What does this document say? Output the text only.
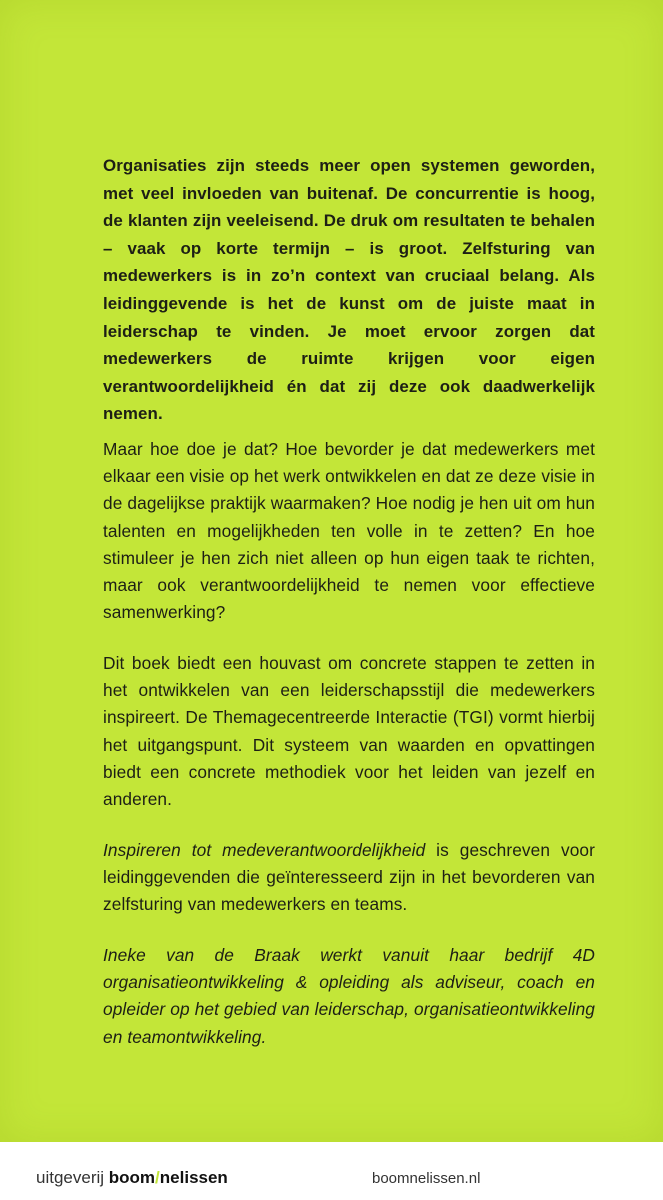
Organisaties zijn steeds meer open systemen geworden, met veel invloeden van buitenaf. De concurrentie is hoog, de klanten zijn veeleisend. De druk om resultaten te behalen – vaak op korte termijn – is groot. Zelfsturing van medewerkers is in zo’n context van cruciaal belang. Als leidinggevende is het de kunst om de juiste maat in leiderschap te vinden. Je moet ervoor zorgen dat medewerkers de ruimte krijgen voor eigen verantwoordelijkheid én dat zij deze ook daadwerkelijk nemen.

Maar hoe doe je dat? Hoe bevorder je dat medewerkers met elkaar een visie op het werk ontwikkelen en dat ze deze visie in de dagelijkse praktijk waarmaken? Hoe nodig je hen uit om hun talenten en mogelijkheden ten volle in te zetten? En hoe stimuleer je hen zich niet alleen op hun eigen taak te richten, maar ook verantwoordelijkheid te nemen voor effectieve samenwerking?

Dit boek biedt een houvast om concrete stappen te zetten in het ontwikkelen van een leiderschapsstijl die medewerkers inspireert. De Themagecentreerde Interactie (TGI) vormt hierbij het uitgangspunt. Dit systeem van waarden en opvattingen biedt een concrete methodiek voor het leiden van jezelf en anderen.

Inspireren tot medeverantwoordelijkheid is geschreven voor leidinggevenden die geïnteresseerd zijn in het bevorderen van zelfsturing van medewerkers en teams.

Ineke van de Braak werkt vanuit haar bedrijf 4D organisatieontwikkeling & opleiding als adviseur, coach en opleider op het gebied van leiderschap, organisatieontwikkeling en teamontwikkeling.

uitgeverij boom/nelissen	boomnelissen.nl
